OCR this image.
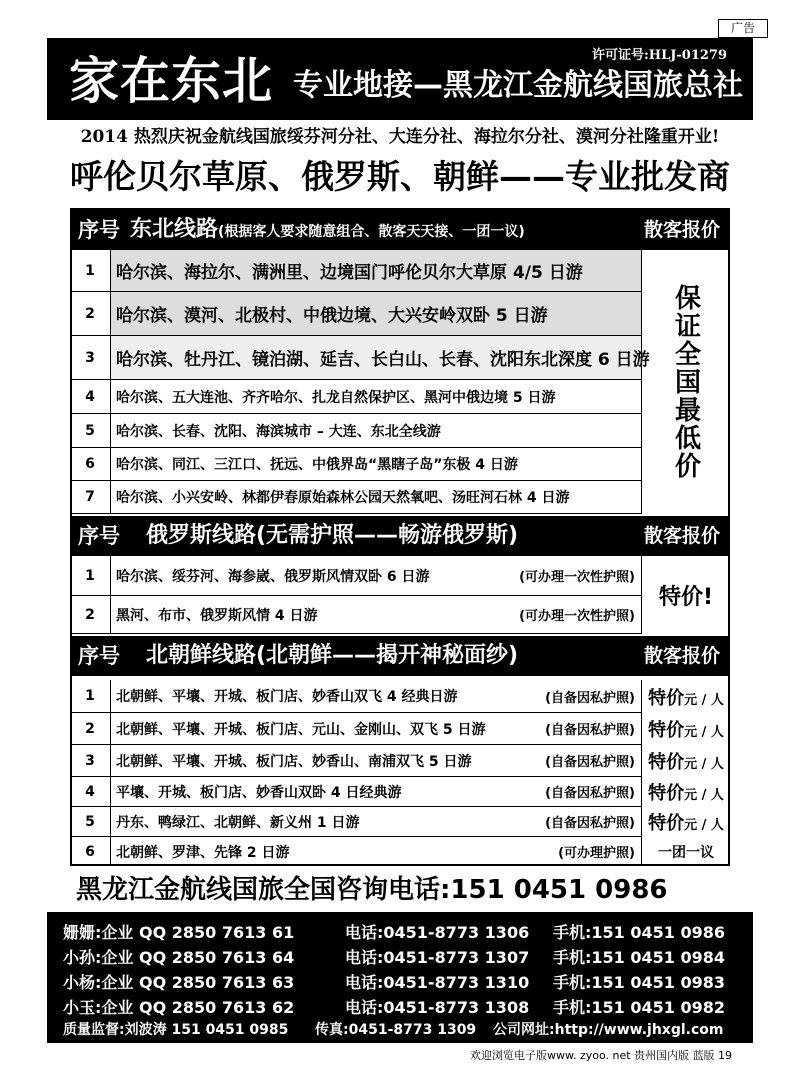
广告
家在东北 专业地接—黑龙江金航线国旅总社
许可证号:HLJ-01279
2014 热烈庆祝金航线国旅绥芬河分社、大连分社、海拉尔分社、漠河分社隆重开业!
呼伦贝尔草原、俄罗斯、朝鲜——专业批发商
序号 东北线路(根据客人要求随意组合、散客天天接、一团一议)	散客报价
1	哈尔滨、海拉尔、满洲里、边境国门呼伦贝尔大草原 4/5 日游
2	哈尔滨、漠河、北极村、中俄边境、大兴安岭双卧 5 日游
3	哈尔滨、牡丹江、镜泊湖、延吉、长白山、长春、沈阳东北深度 6 日游
4	哈尔滨、五大连池、齐齐哈尔、扎龙自然保护区、黑河中俄边境 5 日游
5	哈尔滨、长春、沈阳、海滨城市 – 大连、东北全线游
6	哈尔滨、同江、三江口、抚远、中俄界岛“黑瞎子岛”东极 4 日游
7	哈尔滨、小兴安岭、林都伊春原始森林公园天然氧吧、汤旺河石林 4 日游
保证全国最低价
序号 俄罗斯线路(无需护照——畅游俄罗斯)	散客报价
1	哈尔滨、绥芬河、海参崴、俄罗斯风情双卧 6 日游	(可办理一次性护照)
2	黑河、布市、俄罗斯风情 4 日游	(可办理一次性护照)
特价!
序号 北朝鲜线路(北朝鲜——揭开神秘面纱)	散客报价
1	北朝鲜、平壤、开城、板门店、妙香山双飞 4 经典日游	(自备因私护照) 特价元 / 人
2	北朝鲜、平壤、开城、板门店、元山、金刚山、双飞 5 日游	(自备因私护照) 特价元 / 人
3	北朝鲜、平壤、开城、板门店、妙香山、南浦双飞 5 日游	(自备因私护照) 特价元 / 人
4	平壤、开城、板门店、妙香山双卧 4 日经典游	(自备因私护照) 特价元 / 人
5	丹东、鸭绿江、北朝鲜、新义州 1 日游	(自备因私护照) 特价元 / 人
6	北朝鲜、罗津、先锋 2 日游	(可办理护照) 一团一议
黑龙江金航线国旅全国咨询电话:151 0451 0986
姗姗:企业 QQ 2850 7613 61	电话:0451-8773 1306 手机:151 0451 0986
小孙:企业 QQ 2850 7613 64	电话:0451-8773 1307 手机:151 0451 0984
小杨:企业 QQ 2850 7613 63	电话:0451-8773 1310 手机:151 0451 0983
小玉:企业 QQ 2850 7613 62	电话:0451-8773 1308 手机:151 0451 0982
质量监督:刘波涛 151 0451 0985 传真:0451-8773 1309 公司网址:http://www.jhxgl.com
欢迎浏览电子版www. zyoo. net 贵州国内版 蓝版 19
